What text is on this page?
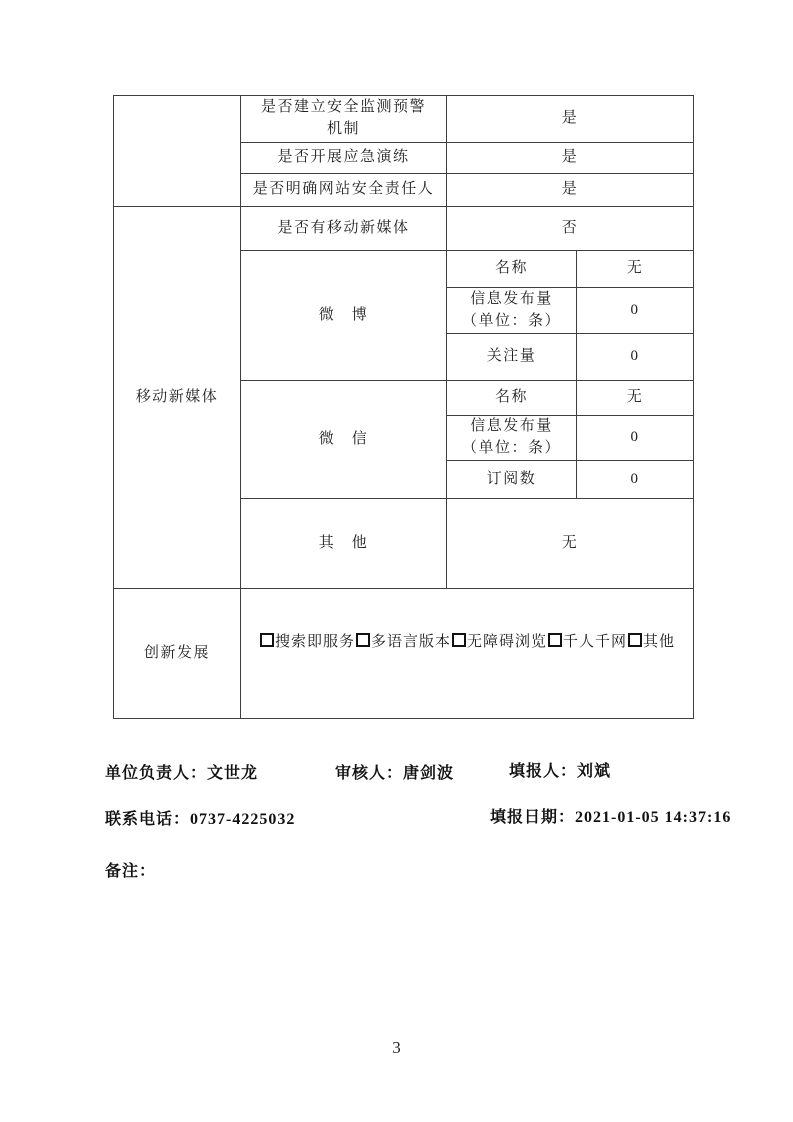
	是否建立安全监测预警
机制	是	
	是否开展应急演练	是	
	是否明确网站安全责任人	是	
移动新媒体	是否有移动新媒体	否	
	微　博	名称	无

		信息发布量
（单位：条）	0
		关注量	0
	微　信	名称	无

		信息发布量
（单位：条）	0
		订阅数	0
	其　他	无	
创新发展	搜索即服务 多语言版本 无障碍浏览 千人千网 其他		
单位负责人：文世龙	审核人：唐剑波	填报人：刘斌
联系电话：0737-4225032	填报日期：2021-01-05 14:37:16
备注：
3
